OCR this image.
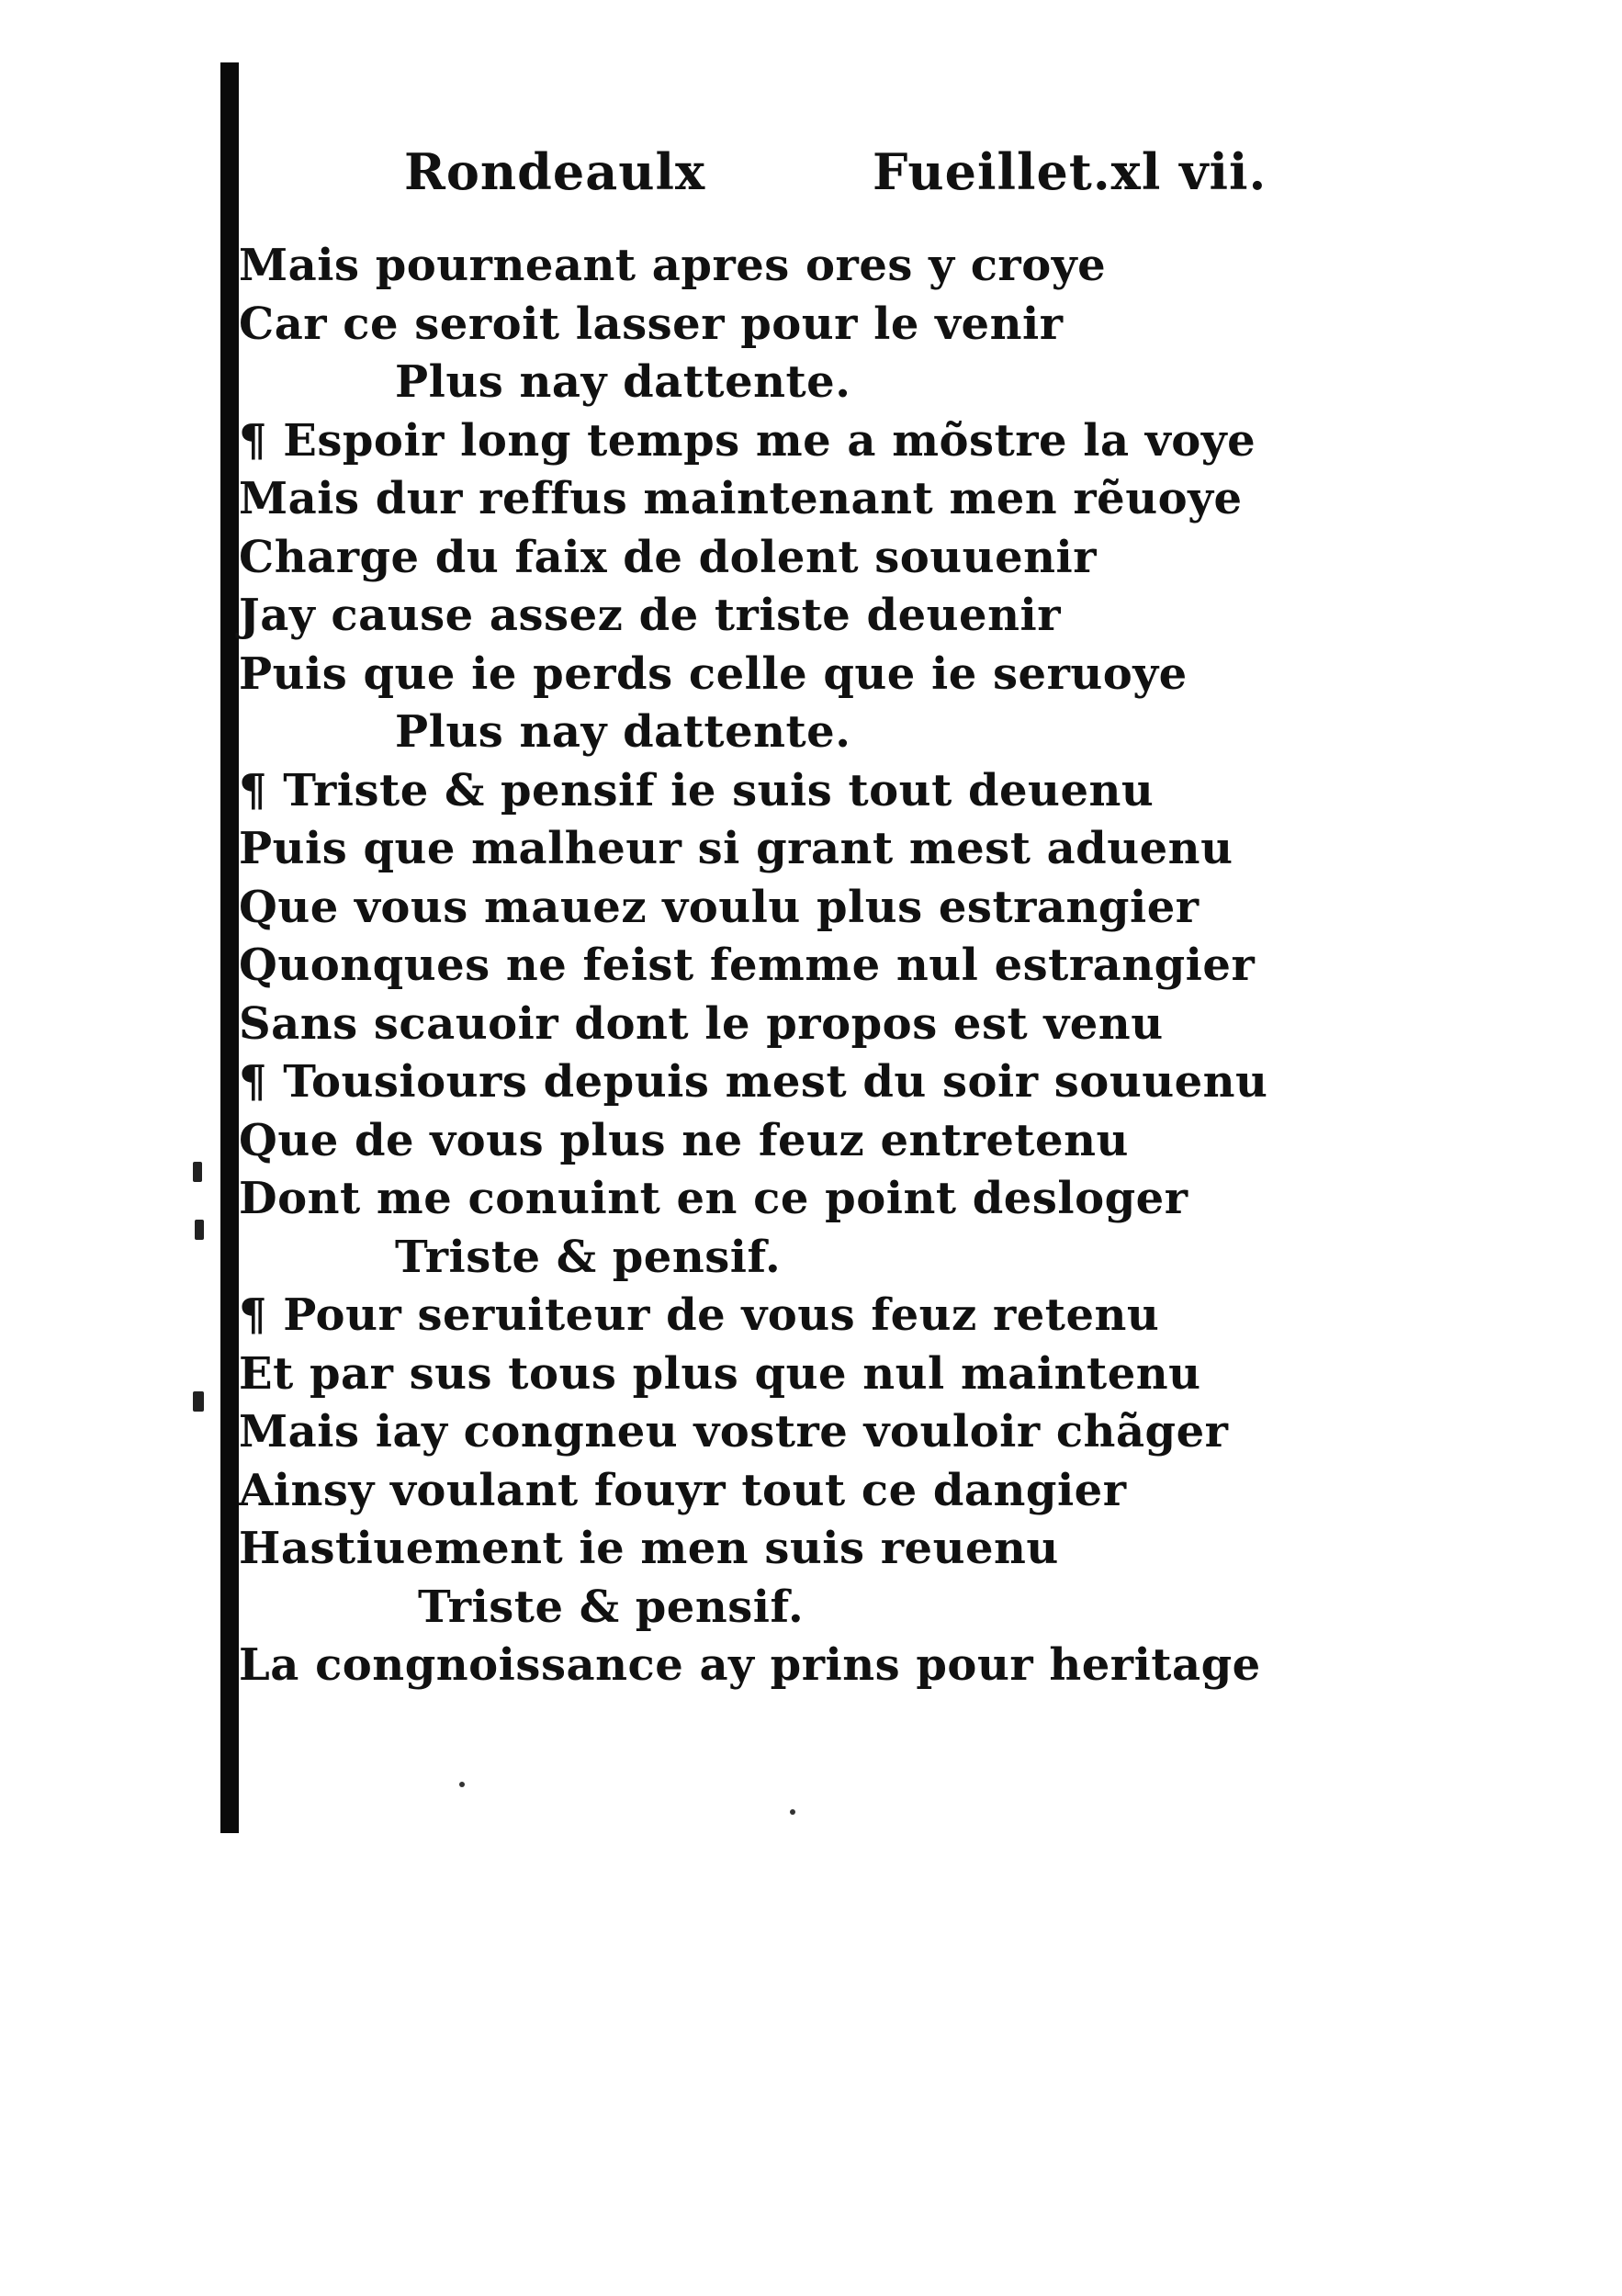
Rondeaulx	Fueillet.xl vii.
Mais pourneant apres ores y croye
Car ce seroit lasser pour le venir
Plus nay dattente.
¶ Espoir long temps me a mõstre la voye
Mais dur reffus maintenant men rẽuoye
Charge du faix de dolent souuenir
Jay cause assez de triste deuenir
Puis que ie perds celle que ie seruoye
Plus nay dattente.
¶ Triste & pensif ie suis tout deuenu
Puis que malheur si grant mest aduenu
Que vous mauez voulu plus estrangier
Quonques ne feist femme nul estrangier
Sans scauoir dont le propos est venu
¶ Tousiours depuis mest du soir souuenu
Que de vous plus ne feuz entretenu
Dont me conuint en ce point desloger
Triste & pensif.
¶ Pour seruiteur de vous feuz retenu
Et par sus tous plus que nul maintenu
Mais iay congneu vostre vouloir chãger
Ainsy voulant fouyr tout ce dangier
Hastiuement ie men suis reuenu
Triste & pensif.
La congnoissance ay prins pour heritage
